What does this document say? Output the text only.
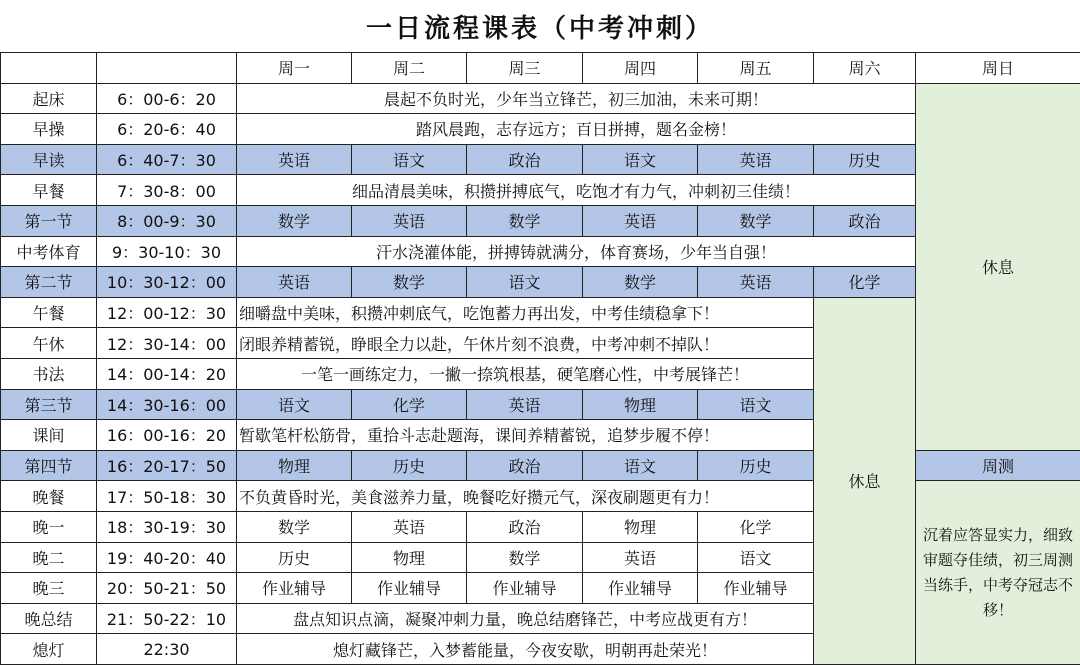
一日流程课表（中考冲刺）
		周一	周二	周三	周四	周五	周六	周日
起床	6：00-6：20	晨起不负时光，少年当立锋芒，初三加油，未来可期！						休息
早操	6：20-6：40	踏风晨跑，志存远方；百日拼搏，题名金榜！						
早读	6：40-7：30	英语	语文	政治	语文	英语	历史	
早餐	7：30-8：00	细品清晨美味，积攒拼搏底气，吃饱才有力气，冲刺初三佳绩！						
第一节	8：00-9：30	数学	英语	数学	英语	数学	政治	
中考体育	9：30-10：30	汗水浇灌体能，拼搏铸就满分，体育赛场，少年当自强！						
第二节	10：30-12：00	英语	数学	语文	数学	英语	化学	
午餐	12：00-12：30	细嚼盘中美味，积攒冲刺底气，吃饱蓄力再出发，中考佳绩稳拿下！					休息	
午休	12：30-14：00	闭眼养精蓄锐，睁眼全力以赴，午休片刻不浪费，中考冲刺不掉队！						
书法	14：00-14：20	一笔一画练定力，一撇一捺筑根基，硬笔磨心性，中考展锋芒！						
第三节	14：30-16：00	语文	化学	英语	物理	语文		
课间	16：00-16：20	暂歇笔杆松筋骨，重拾斗志赴题海，课间养精蓄锐，追梦步履不停！						
第四节	16：20-17：50	物理	历史	政治	语文	历史		周测
晚餐	17：50-18：30	不负黄昏时光，美食滋养力量，晚餐吃好攒元气，深夜刷题更有力！						沉着应答显实力，细致审题夺佳绩，初三周测当练手，中考夺冠志不移！
晚一	18：30-19：30	数学	英语	政治	物理	化学		
晚二	19：40-20：40	历史	物理	数学	英语	语文		
晚三	20：50-21：50	作业辅导	作业辅导	作业辅导	作业辅导	作业辅导		
晚总结	21：50-22：10	盘点知识点滴，凝聚冲刺力量，晚总结磨锋芒，中考应战更有方！						
熄灯	22:30	熄灯藏锋芒，入梦蓄能量，今夜安歇，明朝再赴荣光！						
